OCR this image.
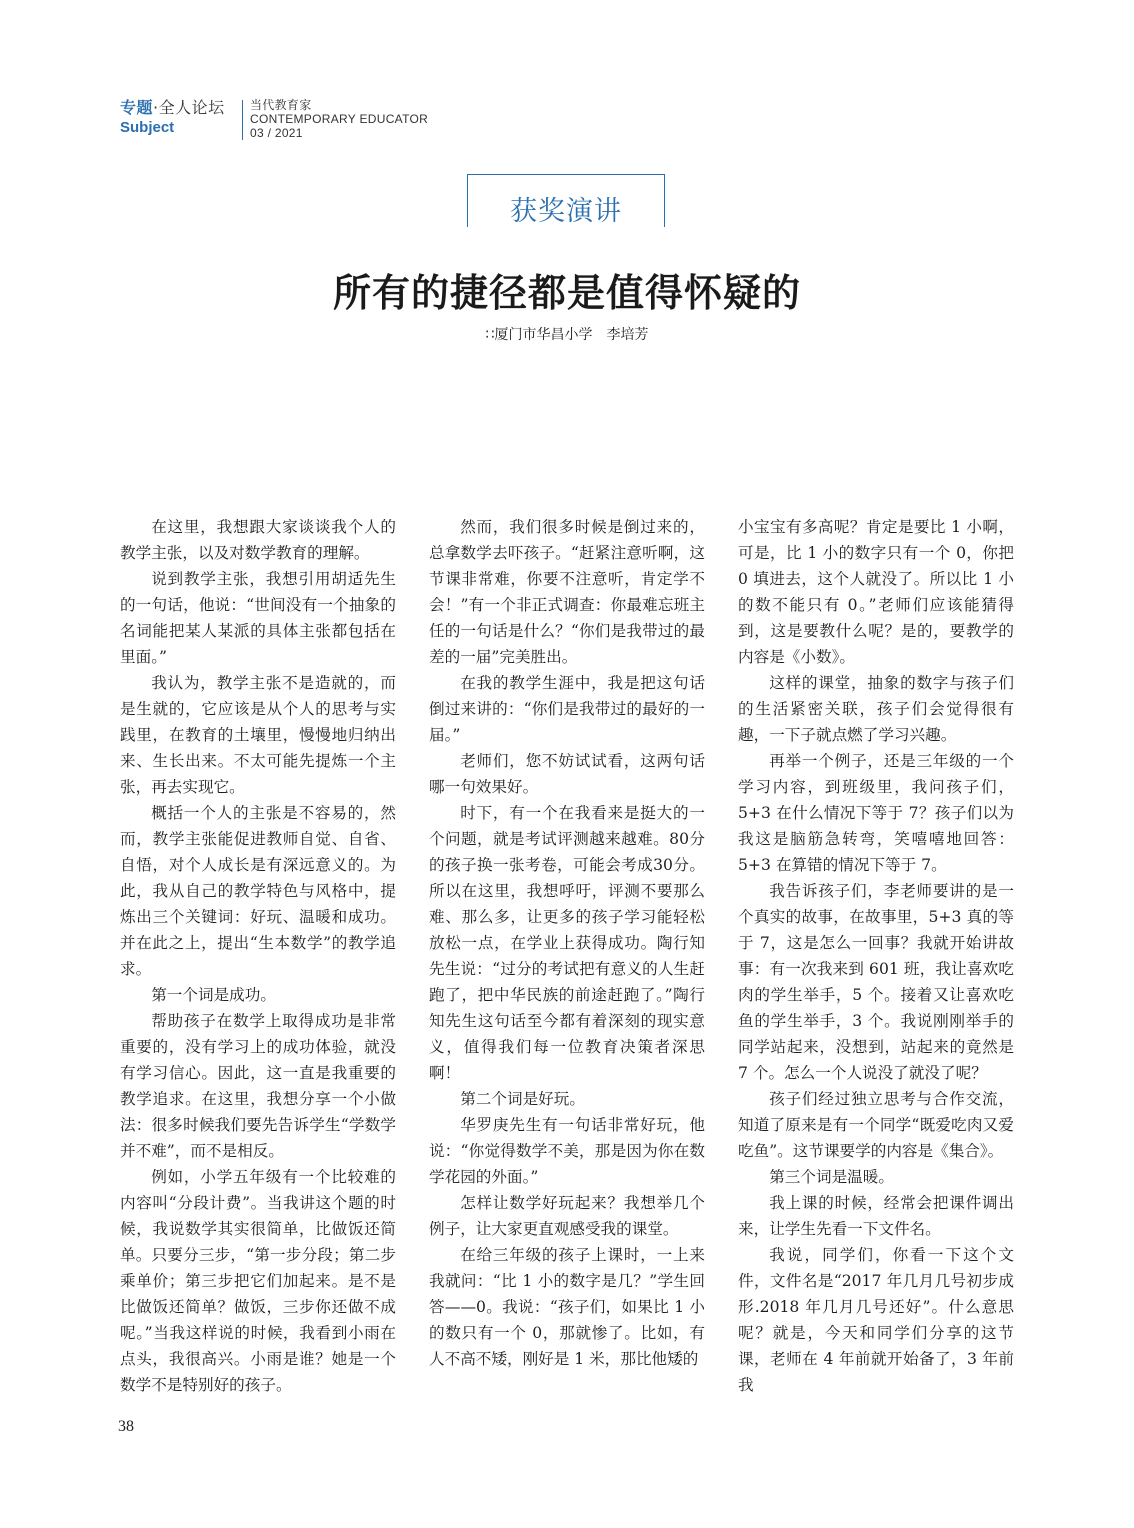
专题·全人论坛
Subject
当代教育家
CONTEMPORARY EDUCATOR
03 / 2021
获奖演讲
所有的捷径都是值得怀疑的
∷厦门市华昌小学 李培芳

在这里，我想跟大家谈谈我个人的教学主张，以及对数学教育的理解。

说到教学主张，我想引用胡适先生的一句话，他说：“世间没有一个抽象的名词能把某人某派的具体主张都包括在里面。”

我认为，教学主张不是造就的，而是生就的，它应该是从个人的思考与实践里，在教育的土壤里，慢慢地归纳出来、生长出来。不太可能先提炼一个主张，再去实现它。

概括一个人的主张是不容易的，然而，教学主张能促进教师自觉、自省、自悟，对个人成长是有深远意义的。为此，我从自己的教学特色与风格中，提炼出三个关键词：好玩、温暖和成功。并在此之上，提出“生本数学”的教学追求。

第一个词是成功。

帮助孩子在数学上取得成功是非常重要的，没有学习上的成功体验，就没有学习信心。因此，这一直是我重要的教学追求。在这里，我想分享一个小做法：很多时候我们要先告诉学生“学数学并不难”，而不是相反。

例如，小学五年级有一个比较难的内容叫“分段计费”。当我讲这个题的时候，我说数学其实很简单，比做饭还简单。只要分三步，“第一步分段；第二步乘单价；第三步把它们加起来。是不是比做饭还简单？做饭，三步你还做不成呢。”当我这样说的时候，我看到小雨在点头，我很高兴。小雨是谁？她是一个数学不是特别好的孩子。

然而，我们很多时候是倒过来的，总拿数学去吓孩子。“赶紧注意听啊，这节课非常难，你要不注意听，肯定学不会！”有一个非正式调查：你最难忘班主任的一句话是什么？“你们是我带过的最差的一届”完美胜出。

在我的教学生涯中，我是把这句话倒过来讲的：“你们是我带过的最好的一届。”

老师们，您不妨试试看，这两句话哪一句效果好。

时下，有一个在我看来是挺大的一个问题，就是考试评测越来越难。80分的孩子换一张考卷，可能会考成30分。所以在这里，我想呼吁，评测不要那么难、那么多，让更多的孩子学习能轻松放松一点，在学业上获得成功。陶行知先生说：“过分的考试把有意义的人生赶跑了，把中华民族的前途赶跑了。”陶行知先生这句话至今都有着深刻的现实意义，值得我们每一位教育决策者深思啊！

第二个词是好玩。

华罗庚先生有一句话非常好玩，他说：“你觉得数学不美，那是因为你在数学花园的外面。”

怎样让数学好玩起来？我想举几个例子，让大家更直观感受我的课堂。

在给三年级的孩子上课时，一上来我就问：“比 1 小的数字是几？”学生回答——0。我说：“孩子们，如果比 1 小的数只有一个 0，那就惨了。比如，有人不高不矮，刚好是 1 米，那比他矮的

小宝宝有多高呢？肯定是要比 1 小啊，可是，比 1 小的数字只有一个 0，你把 0 填进去，这个人就没了。所以比 1 小的数不能只有 0。”老师们应该能猜得到，这是要教什么呢？是的，要教学的内容是《小数》。

这样的课堂，抽象的数字与孩子们的生活紧密关联，孩子们会觉得很有趣，一下子就点燃了学习兴趣。

再举一个例子，还是三年级的一个学习内容，到班级里，我问孩子们，5+3 在什么情况下等于 7？孩子们以为我这是脑筋急转弯，笑嘻嘻地回答：5+3 在算错的情况下等于 7。

我告诉孩子们，李老师要讲的是一个真实的故事，在故事里，5+3 真的等于 7，这是怎么一回事？我就开始讲故事：有一次我来到 601 班，我让喜欢吃肉的学生举手，5 个。接着又让喜欢吃鱼的学生举手，3 个。我说刚刚举手的同学站起来，没想到，站起来的竟然是 7 个。怎么一个人说没了就没了呢？

孩子们经过独立思考与合作交流，知道了原来是有一个同学“既爱吃肉又爱吃鱼”。这节课要学的内容是《集合》。

第三个词是温暖。

我上课的时候，经常会把课件调出来，让学生先看一下文件名。

我说，同学们，你看一下这个文件，文件名是“2017 年几月几号初步成形.2018 年几月几号还好”。什么意思呢？就是，今天和同学们分享的这节课，老师在 4 年前就开始备了，3 年前我

38
